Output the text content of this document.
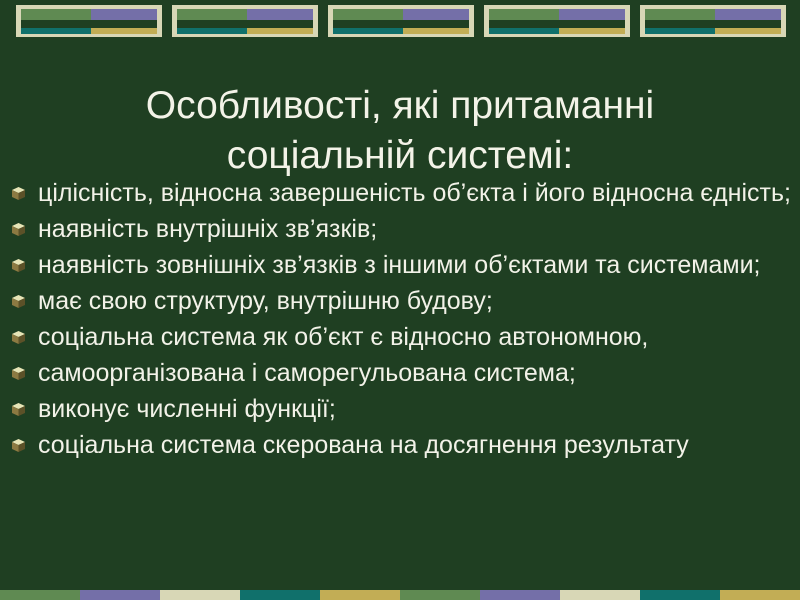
Особливості, які притаманні
соціальній системі:
цілісність, відносна завершеність об’єкта і його відносна єдність;
наявність внутрішніх зв’язків;
наявність зовнішніх зв’язків з іншими об’єктами та системами;
має свою структуру, внутрішню будову;
соціальна система як об’єкт є відносно автономною,
самоорганізована і саморегульована система;
виконує численні функції;
соціальна система скерована на досягнення результату
